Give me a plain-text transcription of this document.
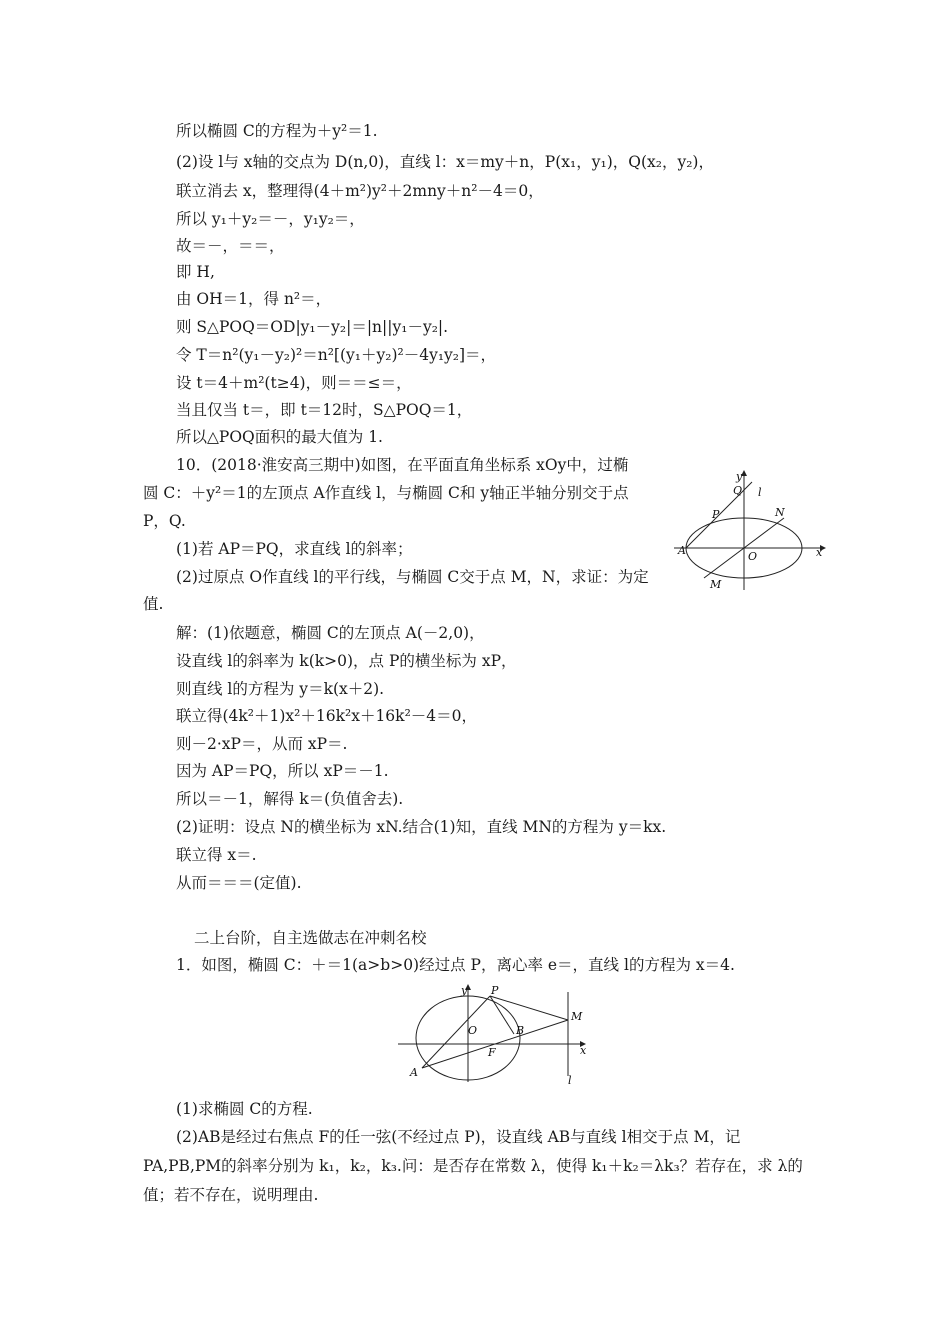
所以椭圆 C的方程为＋y²＝1.
(2)设 l与 x轴的交点为 D(n,0)，直线 l：x＝my＋n，P(x₁，y₁)，Q(x₂，y₂)，
联立消去 x，整理得(4＋m²)y²＋2mny＋n²－4＝0，
所以 y₁＋y₂＝－，y₁y₂＝，
故＝－，＝＝，
即 H,
由 OH＝1，得 n²＝，
则 S△POQ＝OD|y₁－y₂|＝|n||y₁－y₂|.
令 T＝n²(y₁－y₂)²＝n²[(y₁＋y₂)²－4y₁y₂]＝，
设 t＝4＋m²(t≥4)，则＝＝≤＝，
当且仅当 t＝，即 t＝12时，S△POQ＝1，
所以△POQ面积的最大值为 1.
10．(2018·淮安高三期中)如图，在平面直角坐标系 xOy中，过椭
圆 C：＋y²＝1的左顶点 A作直线 l，与椭圆 C和 y轴正半轴分别交于点
P，Q.
(1)若 AP＝PQ，求直线 l的斜率；
(2)过原点 O作直线 l的平行线，与椭圆 C交于点 M，N，求证：为定
值.
解：(1)依题意，椭圆 C的左顶点 A(－2,0)，
设直线 l的斜率为 k(k>0)，点 P的横坐标为 xP，
则直线 l的方程为 y＝k(x＋2).
联立得(4k²＋1)x²＋16k²x＋16k²－4＝0，
则－2·xP＝，从而 xP＝.
因为 AP＝PQ，所以 xP＝－1.
所以＝－1，解得 k＝(负值舍去).
(2)证明：设点 N的横坐标为 xN.结合(1)知，直线 MN的方程为 y＝kx.
联立得 x＝.
从而＝＝＝(定值).
二上台阶，自主选做志在冲刺名校
1．如图，椭圆 C：＋＝1(a>b>0)经过点 P，离心率 e＝，直线 l的方程为 x＝4.
(1)求椭圆 C的方程.
(2)AB是经过右焦点 F的任一弦(不经过点 P)，设直线 AB与直线 l相交于点 M，记
PA,PB,PM的斜率分别为 k₁，k₂，k₃.问：是否存在常数 λ，使得 k₁＋k₂＝λk₃？若存在，求 λ的
值；若不存在，说明理由.
y
Q l
P	N
A	O	x
M
y P
M
O	B
F	x
A
l
